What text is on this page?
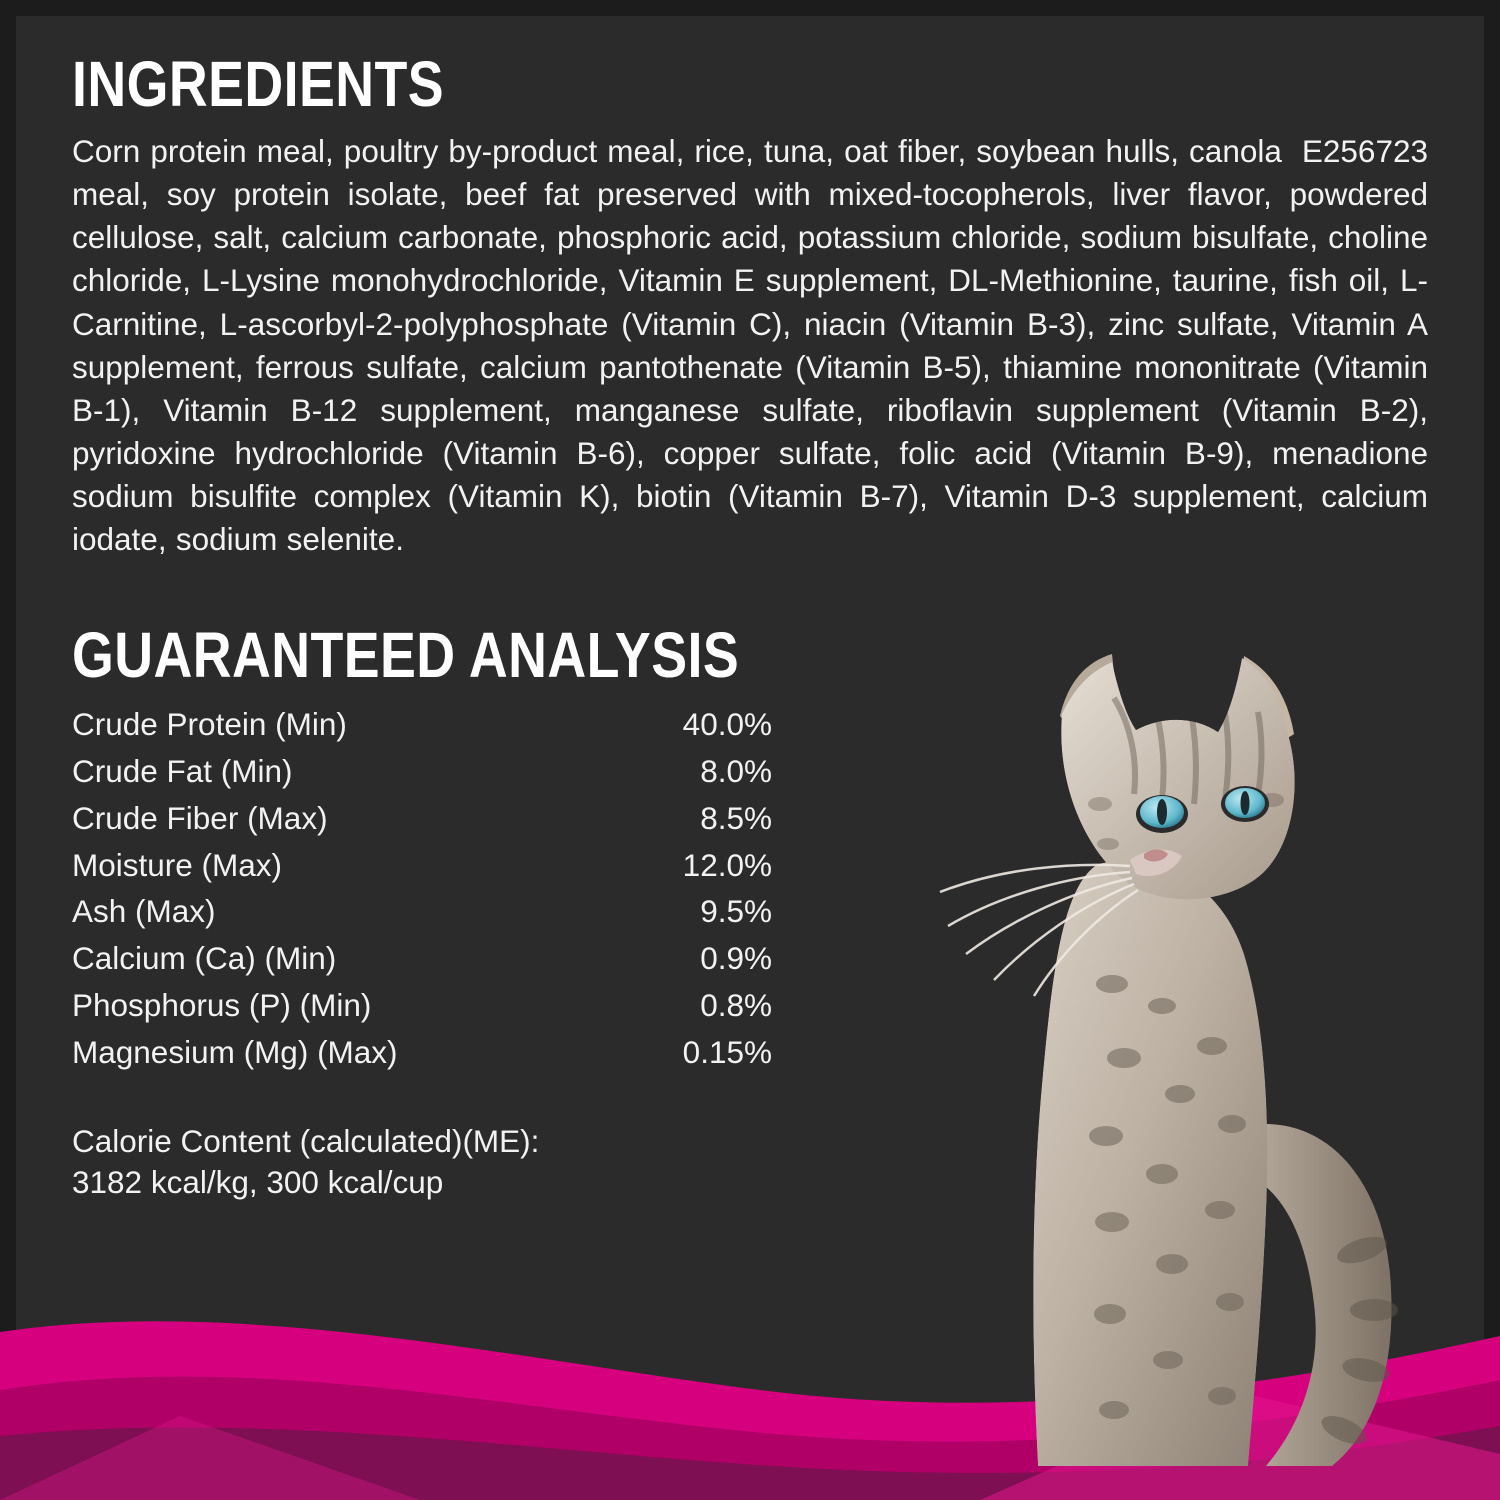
INGREDIENTS
E256723
Corn protein meal, poultry by-product meal, rice, tuna, oat fiber, soybean hulls, canola meal, soy protein isolate, beef fat preserved with mixed-tocopherols, liver flavor, powdered cellulose, salt, calcium carbonate, phosphoric acid, potassium chloride, sodium bisulfate, choline chloride, L-Lysine monohydrochloride, Vitamin E supplement, DL-Methionine, taurine, fish oil, L-Carnitine, L-ascorbyl-2-polyphosphate (Vitamin C), niacin (Vitamin B-3), zinc sulfate, Vitamin A supplement, ferrous sulfate, calcium pantothenate (Vitamin B-5), thiamine mononitrate (Vitamin B-1), Vitamin B-12 supplement, manganese sulfate, riboflavin supplement (Vitamin B-2), pyridoxine hydrochloride (Vitamin B-6), copper sulfate, folic acid (Vitamin B-9), menadione sodium bisulfite complex (Vitamin K), biotin (Vitamin B-7), Vitamin D-3 supplement, calcium iodate, sodium selenite.
GUARANTEED ANALYSIS
Crude Protein (Min)	40.0%
Crude Fat (Min)	8.0%
Crude Fiber (Max)	8.5%
Moisture (Max)	12.0%
Ash (Max)	9.5%
Calcium (Ca) (Min)	0.9%
Phosphorus (P) (Min)	0.8%
Magnesium (Mg) (Max)	0.15%
Calorie Content (calculated)(ME):
3182 kcal/kg, 300 kcal/cup
